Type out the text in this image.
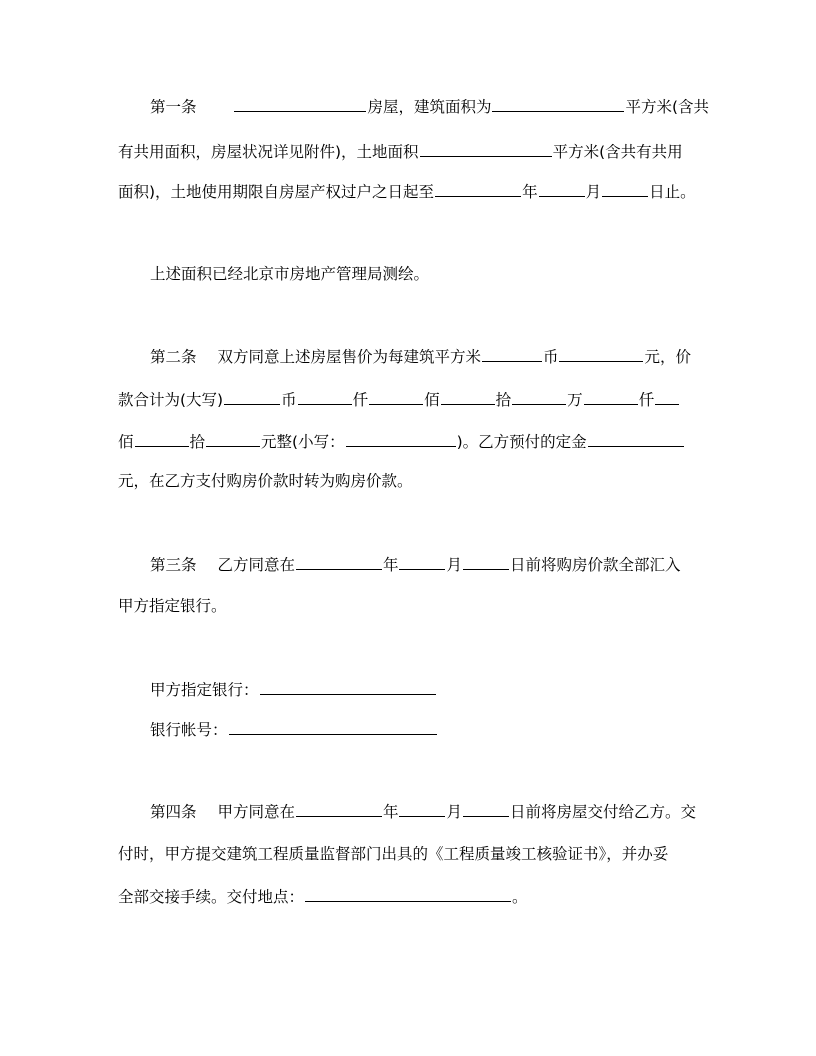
第一条	房屋，建筑面积为	平方米(含共
有共用面积，房屋状况详见附件)，土地面积	平方米(含共有共用
面积)，土地使用期限自房屋产权过户之日起至	年	月	日止。
上述面积已经北京市房地产管理局测绘。
第二条 双方同意上述房屋售价为每建筑平方米	币	元，价
款合计为(大写)	币	仟	佰	拾	万	仟
佰	拾	元整(小写：	)。乙方预付的定金
元，在乙方支付购房价款时转为购房价款。
第三条 乙方同意在	年	月	日前将购房价款全部汇入
甲方指定银行。
甲方指定银行：
银行帐号：
第四条 甲方同意在	年	月	日前将房屋交付给乙方。交
付时，甲方提交建筑工程质量监督部门出具的《工程质量竣工核验证书》，并办妥
全部交接手续。交付地点：	。
